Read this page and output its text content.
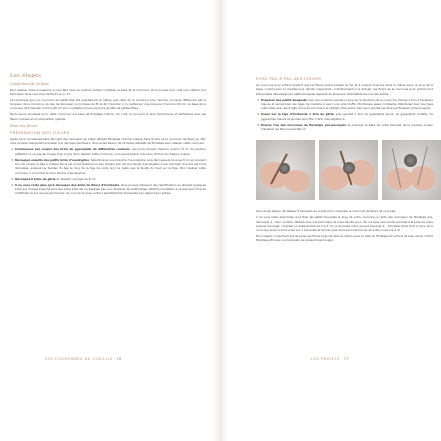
Les étapes
Confection de la base

Pour réaliser votre accessoire, il vous faut dans un premier temps constituer la base de la couronne. Vous pouvez pour cela vous référer à la technique de la couronne de fleurs en p. 27.

La technique pour la couronne de petite fille est exactement la même que celle de la couronne pour femme. La seule différence est la longueur de la couronne. Au lieu de découper un morceau de fil de fer d’environ 1 m, partez sur une longueur d’environ 80 cm. La base de la couronne doit mesurer environ 40 cm pour s’adapter à tous les tours de tête de petites filles.

Nous avons privilégié pour cette couronne une base de floratape marron car c’est ce qui sera le plus harmonieux et esthétique avec les fleurs choisies et la composition globale.

Pose des fleurs
PRÉPARATION DES FLEURS

Après avoir minutieusement découpé des morceaux de ruban adhésif floratape comme indiqué dans le tuto de la couronne de fleurs (p. 28), vous pouvez maintenant procéder à la découpe des fleurs. Vous aurez besoin de 14 tubes adhésifs de floratape pour réaliser cette couronne.

1. Commencez par couper des brins de gypsophile de différentes couleurs. Ces brins doivent mesurer environ 8 cm de hauteur (attention à ne pas les couper trop court). Pour réaliser cette couronne, vous aurez besoin d’environ 8 brins de chaque couleur.
2. Découpez ensuite des petits brins d’eucalyptus. Sélectionnez une branche d’eucalyptus, puis découpez-la tous les 8 cm en prenant soin de couper la tige à chaque fois à ras d’une feuille pour que chaque brin ait une feuille d’eucalyptus à son sommet. Une fois les brins découpés, enlevez les feuilles du bas le long de la tige de sorte qu’il ne reste que la feuille du haut sur la tige. Pour réaliser cette couronne, il vous faut environ 8 brins d’eucalyptus.
3. Découpez 8 brins de gliria en laissant une tige de 8 cm.
4. Il ne vous reste plus qu’à découper des brins de fleurs d’hortensia. Vous pouvez disloquer des ramifications en laissant quelques brins sur chaque branche tant que votre branche ne dépasse pas une douzaine de centimètres. Attention toutefois à ne pas avoir trop de ramifications sur une seule branche car, lors de la pose, la fleur paraîtrait trop imposante par rapport aux autres.
LES COURONNES DE CUEILLIE 76
POSE PAS À PAS DES FLEURS

La couronne pour enfant requiert que les fleurs soient posées au fur et à mesure toujours dans le même sens, le long de la base, comme pour le modèle pour adulte. Cependant, contrairement à ce dernier, les fleurs de la couronne pour enfant vont être posées davantage par petits bouquets espacés de plusieurs centimètres les uns des autres.

1. Préparez des petits bouquets que vous poserez ensuite le long de la structure de la couronne. Prenez 1 brin d’hortensia mauve et serrez bien les tiges de manière à avoir une jolie touffe d’hortensia assez compacte. Maintenez bien les tiges entre elles avec les doigts d’une de vos mains et utilisez votre autre main pour ajouter les fleurs et finaliser votre bouquet.
2. Posez sur la tige d’hortensia 1 brin de gliria, puis ajoutez 1 brin de gypsophile jaune, de gypsophile violette, de gypsophile mauve et ajoutez pour finir 1 brin d’eucalyptus ①.
3. Prenez l’un des morceaux de floratape pré-découpés et entourez la base de votre bouquet de la manière à bien maintenir les fleurs ensemble ②.

Vous aurez besoin de réaliser 8 bouquets en ensuit pour composer la couronne de fleurs de ce projet.

Il ne vous reste désormais qu’à fixer les petits bouquets le long de votre couronne à l’aide des morceaux de floratape pré-découpés ③ . Pour ce faire, référez-vous à la technique de pose décrite en p. 29. Lorsque vous aurez procédé à la pose de votre premier bouquet, comptez un espacement de 3 à 4 cm, puis posez votre second bouquet ④ . Procédez ainsi tout le long de la couronne jusqu’à avoir posé vos 7 bouquets et arriver près de la seconde boucle de votre couronne ⑤ ⑥ .

Pour rappel, l’important est de poser les fleurs toujours dans le même sens à l’aide du floratape et surtout de bien serrer l’ordre floratape afin que vos bouquets ne puissent pas bouger.

LES PROJETS 77
